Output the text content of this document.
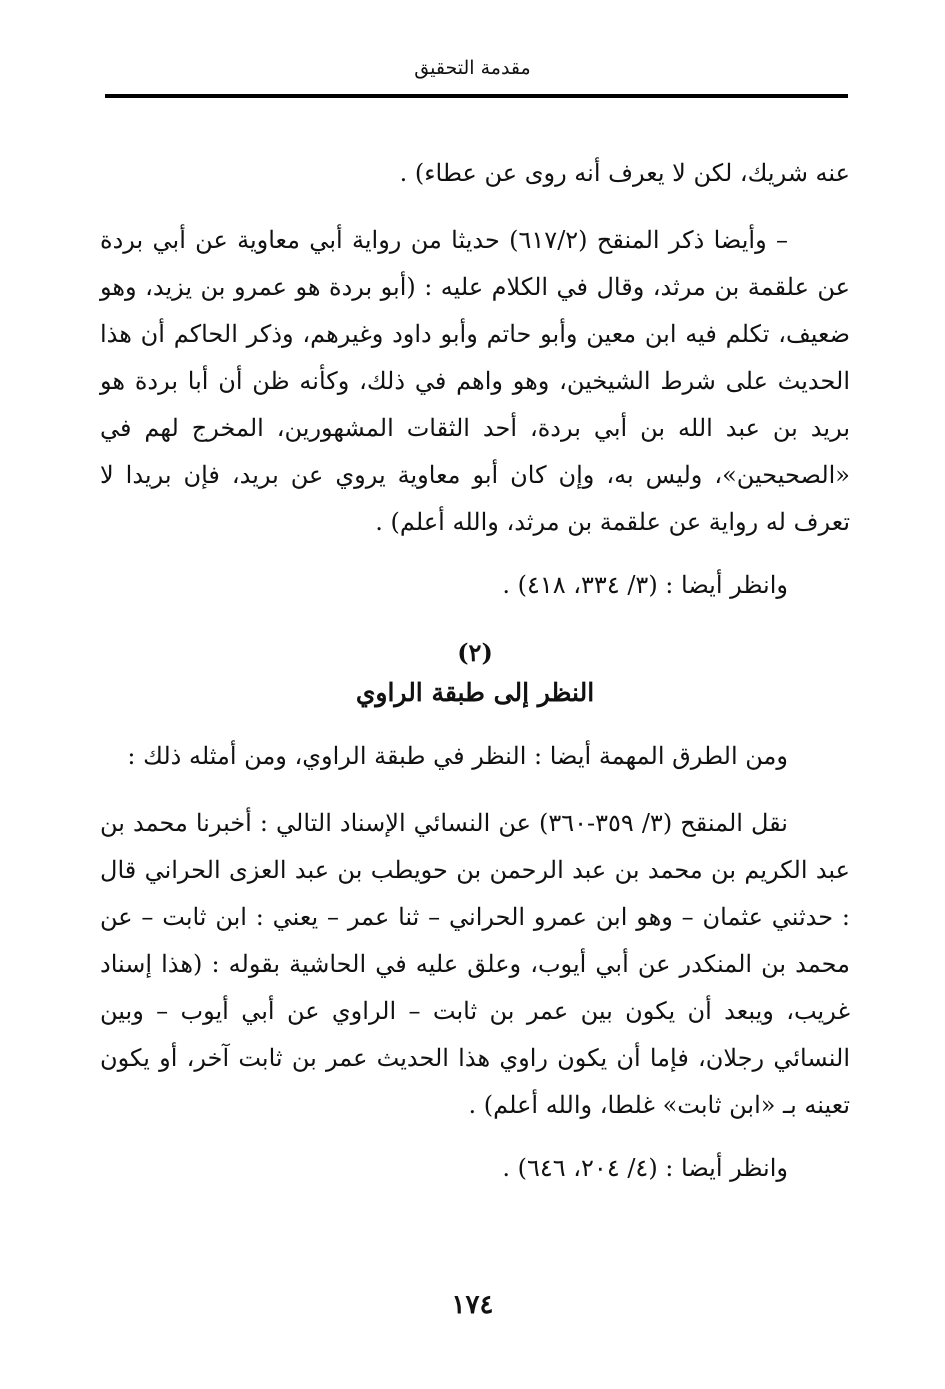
مقدمة التحقيق

عنه شريك، لكن لا يعرف أنه روى عن عطاء) .

– وأيضا ذكر المنقح (٦١٧/٢) حديثا من رواية أبي معاوية عن أبي بردة عن علقمة بن مرثد، وقال في الكلام عليه : (أبو بردة هو عمرو بن يزيد، وهو ضعيف، تكلم فيه ابن معين وأبو حاتم وأبو داود وغيرهم، وذكر الحاكم أن هذا الحديث على شرط الشيخين، وهو واهم في ذلك، وكأنه ظن أن أبا بردة هو بريد بن عبد الله بن أبي بردة، أحد الثقات المشهورين، المخرج لهم في «الصحيحين»، وليس به، وإن كان أبو معاوية يروي عن بريد، فإن بريدا لا تعرف له رواية عن علقمة بن مرثد، والله أعلم) .

وانظر أيضا : (٣/ ٣٣٤، ٤١٨) .

(٢)
النظر إلى طبقة الراوي

ومن الطرق المهمة أيضا : النظر في طبقة الراوي، ومن أمثله ذلك :

نقل المنقح (٣/ ٣٥٩-٣٦٠) عن النسائي الإسناد التالي : أخبرنا محمد بن عبد الكريم بن محمد بن عبد الرحمن بن حويطب بن عبد العزى الحراني قال : حدثني عثمان – وهو ابن عمرو الحراني – ثنا عمر – يعني : ابن ثابت – عن محمد بن المنكدر عن أبي أيوب، وعلق عليه في الحاشية بقوله : (هذا إسناد غريب، ويبعد أن يكون بين عمر بن ثابت – الراوي عن أبي أيوب – وبين النسائي رجلان، فإما أن يكون راوي هذا الحديث عمر بن ثابت آخر، أو يكون تعينه بـ «ابن ثابت» غلطا، والله أعلم) .

وانظر أيضا : (٤/ ٢٠٤، ٦٤٦) .

١٧٤
